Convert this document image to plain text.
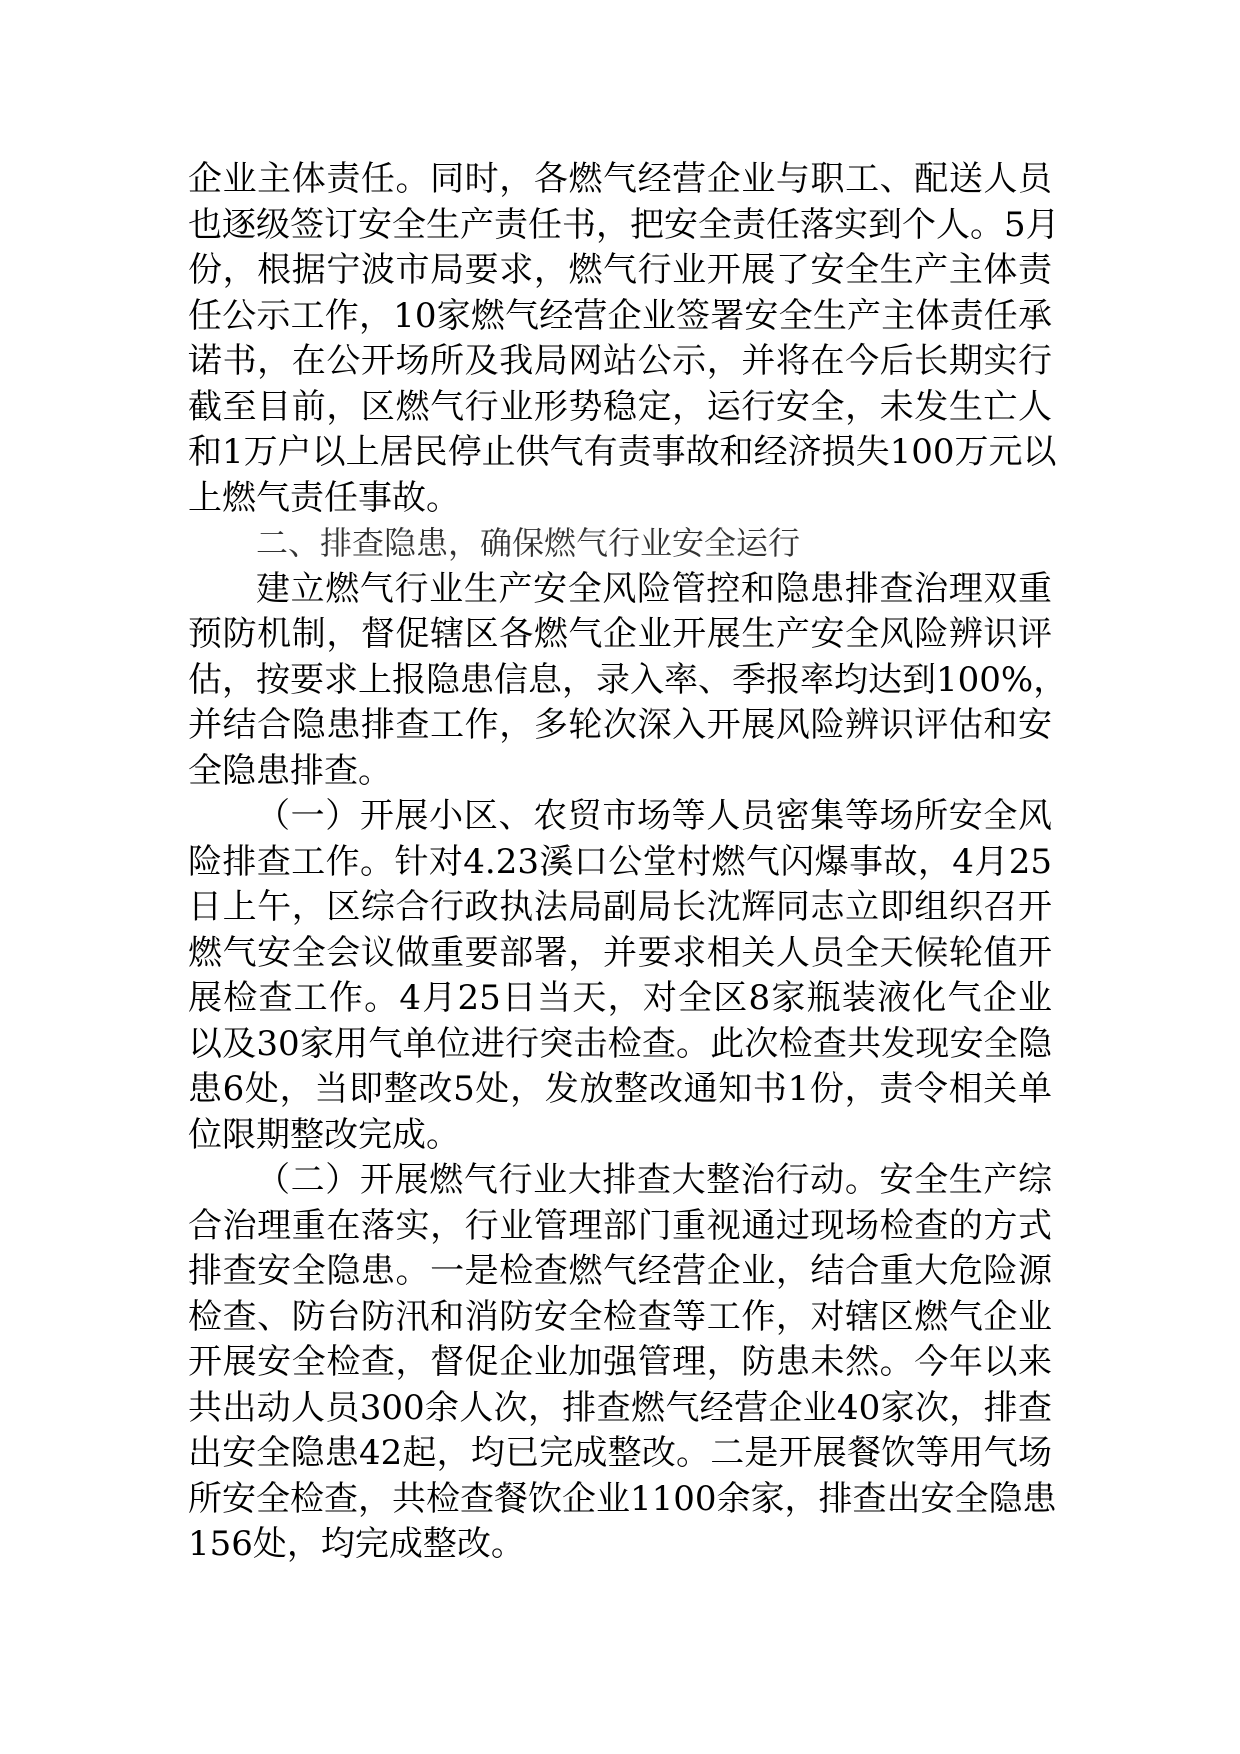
企业主体责任。同时，各燃气经营企业与职工、配送人员
也逐级签订安全生产责任书，把安全责任落实到个人。5月
份，根据宁波市局要求，燃气行业开展了安全生产主体责
任公示工作，10家燃气经营企业签署安全生产主体责任承
诺书，在公开场所及我局网站公示，并将在今后长期实行
截至目前，区燃气行业形势稳定，运行安全，未发生亡人
和1万户以上居民停止供气有责事故和经济损失100万元以
上燃气责任事故。
二、排查隐患，确保燃气行业安全运行
建立燃气行业生产安全风险管控和隐患排查治理双重
预防机制，督促辖区各燃气企业开展生产安全风险辨识评
估，按要求上报隐患信息，录入率、季报率均达到100%，
并结合隐患排查工作，多轮次深入开展风险辨识评估和安
全隐患排查。
（一）开展小区、农贸市场等人员密集等场所安全风
险排查工作。针对4.23溪口公堂村燃气闪爆事故，4月25
日上午，区综合行政执法局副局长沈辉同志立即组织召开
燃气安全会议做重要部署，并要求相关人员全天候轮值开
展检查工作。4月25日当天，对全区8家瓶装液化气企业
以及30家用气单位进行突击检查。此次检查共发现安全隐
患6处，当即整改5处，发放整改通知书1份，责令相关单
位限期整改完成。
（二）开展燃气行业大排查大整治行动。安全生产综
合治理重在落实，行业管理部门重视通过现场检查的方式
排查安全隐患。一是检查燃气经营企业，结合重大危险源
检查、防台防汛和消防安全检查等工作，对辖区燃气企业
开展安全检查，督促企业加强管理，防患未然。今年以来
共出动人员300余人次，排查燃气经营企业40家次，排查
出安全隐患42起，均已完成整改。二是开展餐饮等用气场
所安全检查，共检查餐饮企业1100余家，排查出安全隐患
156处，均完成整改。
